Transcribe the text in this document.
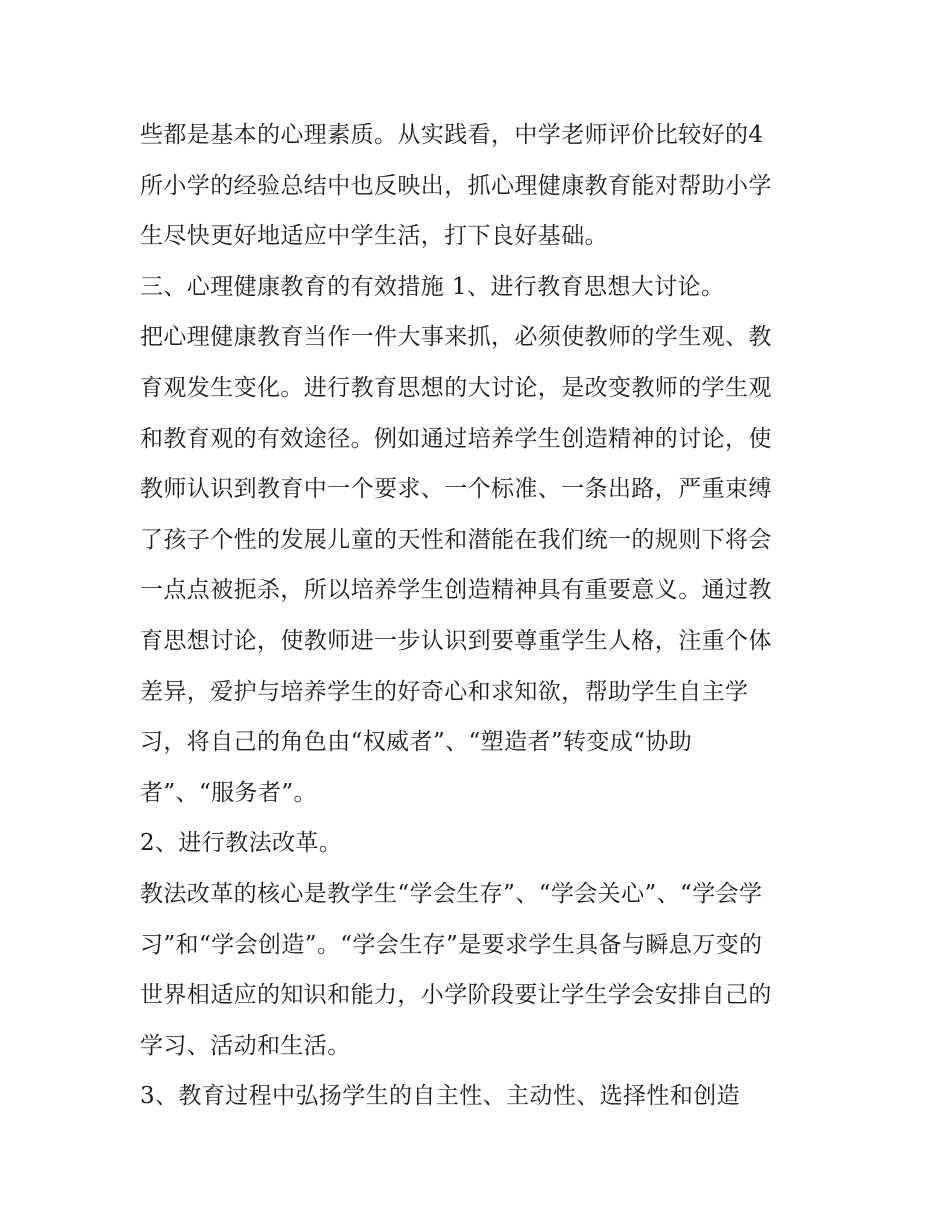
些都是基本的心理素质。从实践看，中学老师评价比较好的4
所小学的经验总结中也反映出，抓心理健康教育能对帮助小学
生尽快更好地适应中学生活，打下良好基础。
三、心理健康教育的有效措施 1、进行教育思想大讨论。
把心理健康教育当作一件大事来抓，必须使教师的学生观、教
育观发生变化。进行教育思想的大讨论，是改变教师的学生观
和教育观的有效途径。例如通过培养学生创造精神的讨论，使
教师认识到教育中一个要求、一个标准、一条出路，严重束缚
了孩子个性的发展儿童的天性和潜能在我们统一的规则下将会
一点点被扼杀，所以培养学生创造精神具有重要意义。通过教
育思想讨论，使教师进一步认识到要尊重学生人格，注重个体
差异，爱护与培养学生的好奇心和求知欲，帮助学生自主学
习，将自己的角色由“权威者”、“塑造者”转变成“协助
者”、“服务者”。
2、进行教法改革。
教法改革的核心是教学生“学会生存”、“学会关心”、“学会学
习”和“学会创造”。“学会生存”是要求学生具备与瞬息万变的
世界相适应的知识和能力，小学阶段要让学生学会安排自己的
学习、活动和生活。
3、教育过程中弘扬学生的自主性、主动性、选择性和创造
